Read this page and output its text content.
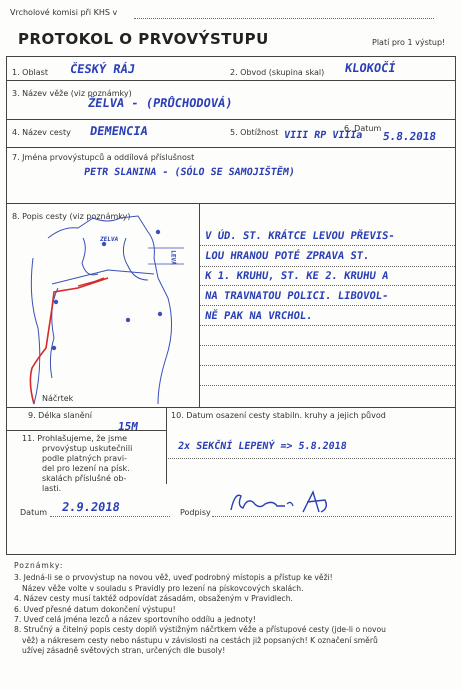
Vrcholové komisi při KHS v
PROTOKOL O PRVOVÝSTUPU	Platí pro 1 výstup!
1. Oblast ČESKÝ RÁJ	2. Obvod (skupina skal) KLOKOČÍ
3. Název věže (viz poznámky)
ŽELVA - (PRŮCHODOVÁ)
4. Název cesty DEMENCIA	5. Obtížnost VIII RP VIIIa
6. Datum
5.8.2018
7. Jména prvovýstupců a oddílová příslušnost
PETR SLANINA - (SÓLO SE SAMOJIŠTĚM)
8. Popis cesty (viz poznámky)
ZELVA
LEVÁ
Náčrtek
V ÚD. ST. KRÁTCE LEVOU PŘEVIS-
LOU HRANOU POTÉ ZPRAVA ST.
K 1. KRUHU, ST. KE 2. KRUHU A
NA TRAVNATOU POLICI. LIBOVOL-
NĚ PAK NA VRCHOL.
9. Délka slanění
15M
10. Datum osazení cesty stabiln. kruhy a jejich původ
2x SEKČNÍ LEPENÝ => 5.8.2018
11. Prohlašujeme, že jsme
prvovýstup uskutečnili
podle platných pravi-
del pro lezení na písk.
skalách příslušné ob-
lasti.
Datum 2.9.2018	Podpisy
Poznámky:
3. Jedná-li se o prvovýstup na novou věž, uveď podrobný místopis a přístup ke věži!
Název věže volte v souladu s Pravidly pro lezení na pískovcových skalách.
4. Název cesty musí taktéž odpovídat zásadám, obsaženým v Pravidlech.
6. Uveď přesné datum dokončení výstupu!
7. Uveď celá jména lezců a název sportovního oddílu a jednoty!
8. Stručný a čitelný popis cesty doplň výstižným náčrtkem věže a přístupové cesty (jde-li o novou
věž) a nákresem cesty nebo nástupu v závislosti na cestách již popsaných! K označení směrů
užívej zásadně světových stran, určených dle busoly!
